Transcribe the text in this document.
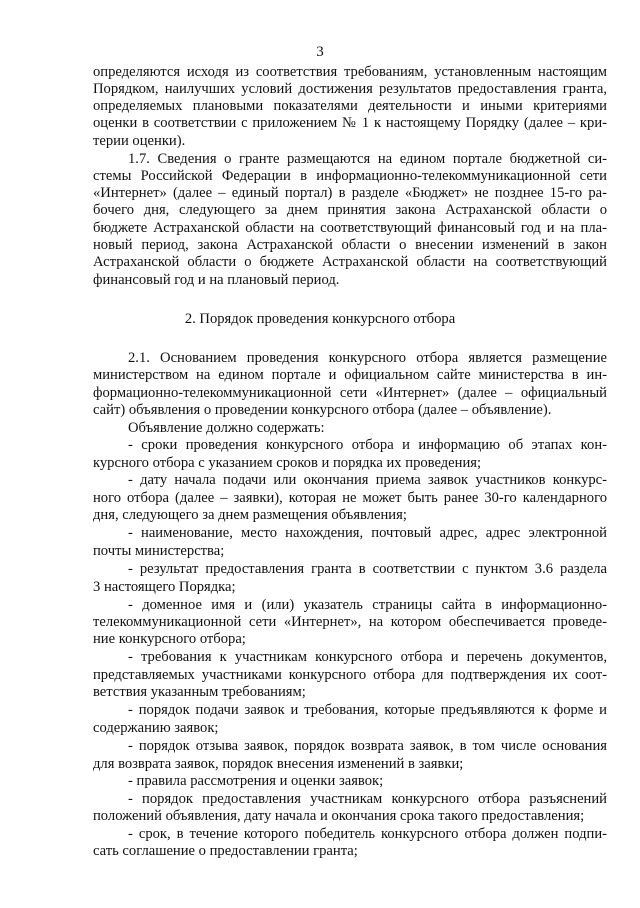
3
определяются исходя из соответствия требованиям, установленным настоящим
Порядком, наилучших условий достижения результатов предоставления гранта,
определяемых плановыми показателями деятельности и иными критериями
оценки в соответствии с приложением № 1 к настоящему Порядку (далее – кри-
терии оценки).
1.7. Сведения о гранте размещаются на едином портале бюджетной си-
стемы Российской Федерации в информационно-телекоммуникационной сети
«Интернет» (далее – единый портал) в разделе «Бюджет» не позднее 15-го ра-
бочего дня, следующего за днем принятия закона Астраханской области о
бюджете Астраханской области на соответствующий финансовый год и на пла-
новый период, закона Астраханской области о внесении изменений в закон
Астраханской области о бюджете Астраханской области на соответствующий
финансовый год и на плановый период.
2. Порядок проведения конкурсного отбора
2.1. Основанием проведения конкурсного отбора является размещение
министерством на едином портале и официальном сайте министерства в ин-
формационно-телекоммуникационной сети «Интернет» (далее – официальный
сайт) объявления о проведении конкурсного отбора (далее – объявление).
Объявление должно содержать:
- сроки проведения конкурсного отбора и информацию об этапах кон-
курсного отбора с указанием сроков и порядка их проведения;
- дату начала подачи или окончания приема заявок участников конкурс-
ного отбора (далее – заявки), которая не может быть ранее 30-го календарного
дня, следующего за днем размещения объявления;
- наименование, место нахождения, почтовый адрес, адрес электронной
почты министерства;
- результат предоставления гранта в соответствии с пунктом 3.6 раздела
3 настоящего Порядка;
- доменное имя и (или) указатель страницы сайта в информационно-
телекоммуникационной сети «Интернет», на котором обеспечивается проведе-
ние конкурсного отбора;
- требования к участникам конкурсного отбора и перечень документов,
представляемых участниками конкурсного отбора для подтверждения их соот-
ветствия указанным требованиям;
- порядок подачи заявок и требования, которые предъявляются к форме и
содержанию заявок;
- порядок отзыва заявок, порядок возврата заявок, в том числе основания
для возврата заявок, порядок внесения изменений в заявки;
- правила рассмотрения и оценки заявок;
- порядок предоставления участникам конкурсного отбора разъяснений
положений объявления, дату начала и окончания срока такого предоставления;
- срок, в течение которого победитель конкурсного отбора должен подпи-
сать соглашение о предоставлении гранта;
